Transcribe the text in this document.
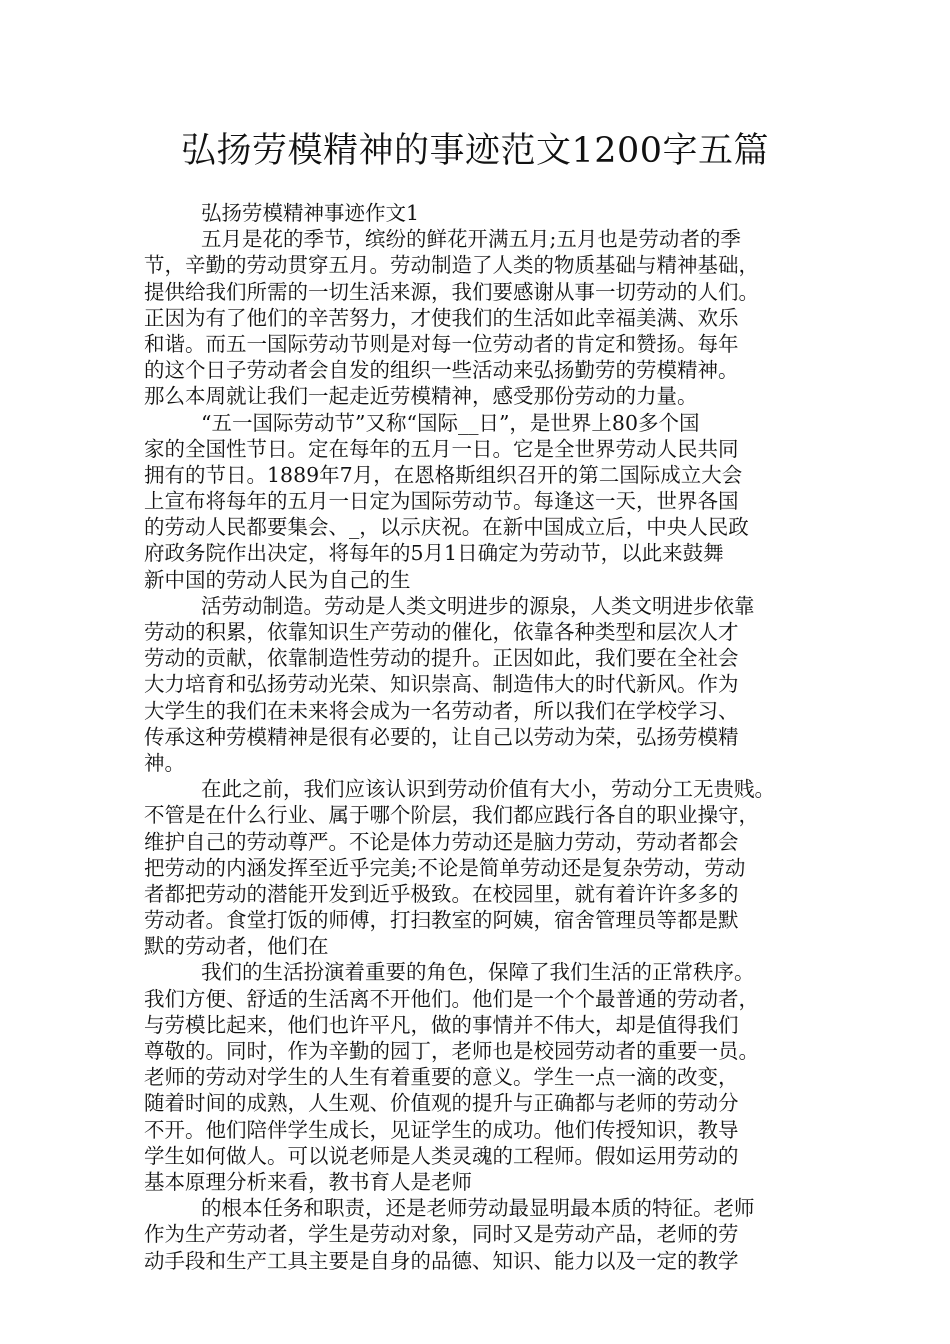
弘扬劳模精神的事迹范文1200字五篇
弘扬劳模精神事迹作文1
五月是花的季节，缤纷的鲜花开满五月;五月也是劳动者的季
节，辛勤的劳动贯穿五月。劳动制造了人类的物质基础与精神基础，
提供给我们所需的一切生活来源，我们要感谢从事一切劳动的人们。
正因为有了他们的辛苦努力，才使我们的生活如此幸福美满、欢乐
和谐。而五一国际劳动节则是对每一位劳动者的肯定和赞扬。每年
的这个日子劳动者会自发的组织一些活动来弘扬勤劳的劳模精神。
那么本周就让我们一起走近劳模精神，感受那份劳动的力量。
“五一国际劳动节”又称“国际__日”，是世界上80多个国
家的全国性节日。定在每年的五月一日。它是全世界劳动人民共同
拥有的节日。1889年7月，在恩格斯组织召开的第二国际成立大会
上宣布将每年的五月一日定为国际劳动节。每逢这一天，世界各国
的劳动人民都要集会、_，以示庆祝。在新中国成立后，中央人民政
府政务院作出决定，将每年的5月1日确定为劳动节，以此来鼓舞
新中国的劳动人民为自己的生
活劳动制造。劳动是人类文明进步的源泉，人类文明进步依靠
劳动的积累，依靠知识生产劳动的催化，依靠各种类型和层次人才
劳动的贡献，依靠制造性劳动的提升。正因如此，我们要在全社会
大力培育和弘扬劳动光荣、知识崇高、制造伟大的时代新风。作为
大学生的我们在未来将会成为一名劳动者，所以我们在学校学习、
传承这种劳模精神是很有必要的，让自己以劳动为荣，弘扬劳模精
神。
在此之前，我们应该认识到劳动价值有大小，劳动分工无贵贱。
不管是在什么行业、属于哪个阶层，我们都应践行各自的职业操守，
维护自己的劳动尊严。不论是体力劳动还是脑力劳动，劳动者都会
把劳动的内涵发挥至近乎完美;不论是简单劳动还是复杂劳动，劳动
者都把劳动的潜能开发到近乎极致。在校园里，就有着许许多多的
劳动者。食堂打饭的师傅，打扫教室的阿姨，宿舍管理员等都是默
默的劳动者，他们在
我们的生活扮演着重要的角色，保障了我们生活的正常秩序。
我们方便、舒适的生活离不开他们。他们是一个个最普通的劳动者，
与劳模比起来，他们也许平凡，做的事情并不伟大，却是值得我们
尊敬的。同时，作为辛勤的园丁，老师也是校园劳动者的重要一员。
老师的劳动对学生的人生有着重要的意义。学生一点一滴的改变，
随着时间的成熟，人生观、价值观的提升与正确都与老师的劳动分
不开。他们陪伴学生成长，见证学生的成功。他们传授知识，教导
学生如何做人。可以说老师是人类灵魂的工程师。假如运用劳动的
基本原理分析来看，教书育人是老师
的根本任务和职责，还是老师劳动最显明最本质的特征。老师
作为生产劳动者，学生是劳动对象，同时又是劳动产品，老师的劳
动手段和生产工具主要是自身的品德、知识、能力以及一定的教学
